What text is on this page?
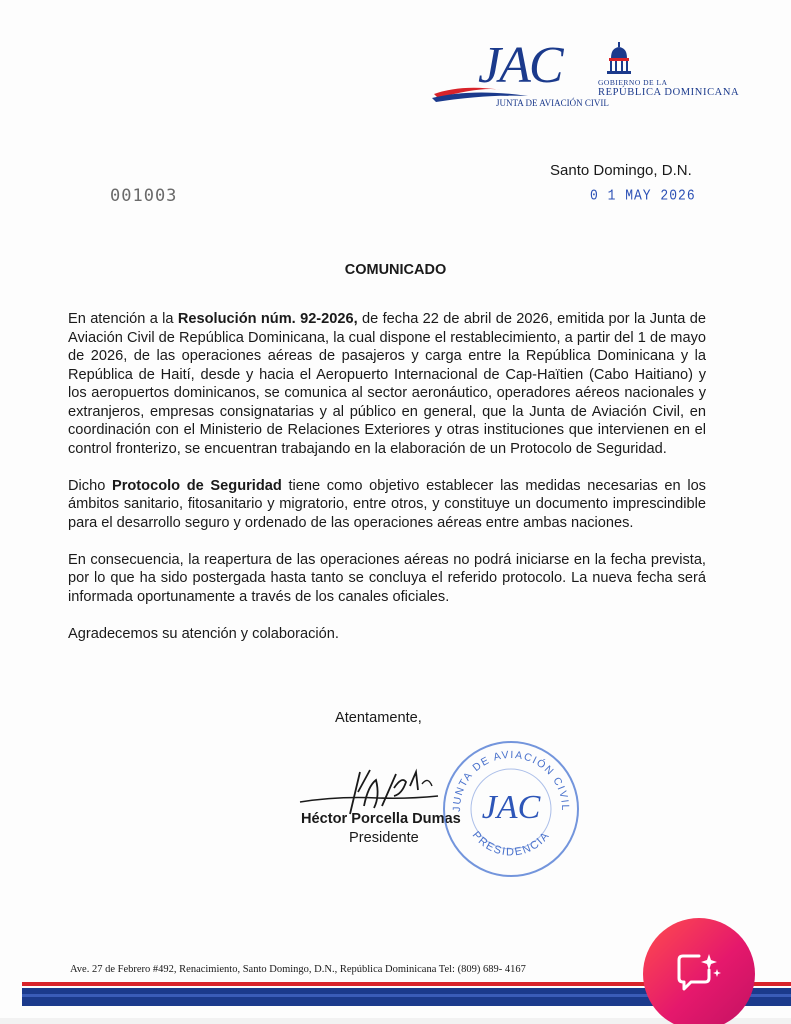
JAC
JUNTA DE AVIACIÓN CIVIL
GOBIERNO DE LA
REPÚBLICA DOMINICANA
001003
Santo Domingo, D.N.
0 1 MAY 2026
COMUNICADO

En atención a la Resolución núm. 92-2026, de fecha 22 de abril de 2026, emitida por la Junta de Aviación Civil de República Dominicana, la cual dispone el restablecimiento, a partir del 1 de mayo de 2026, de las operaciones aéreas de pasajeros y carga entre la República Dominicana y la República de Haití, desde y hacia el Aeropuerto Internacional de Cap-Haïtien (Cabo Haitiano) y los aeropuertos dominicanos, se comunica al sector aeronáutico, operadores aéreos nacionales y extranjeros, empresas consignatarias y al público en general, que la Junta de Aviación Civil, en coordinación con el Ministerio de Relaciones Exteriores y otras instituciones que intervienen en el control fronterizo, se encuentran trabajando en la elaboración de un Protocolo de Seguridad.

Dicho Protocolo de Seguridad tiene como objetivo establecer las medidas necesarias en los ámbitos sanitario, fitosanitario y migratorio, entre otros, y constituye un documento imprescindible para el desarrollo seguro y ordenado de las operaciones aéreas entre ambas naciones.

En consecuencia, la reapertura de las operaciones aéreas no podrá iniciarse en la fecha prevista, por lo que ha sido postergada hasta tanto se concluya el referido protocolo. La nueva fecha será informada oportunamente a través de los canales oficiales.

Agradecemos su atención y colaboración.

Atentamente,
Héctor Porcella Dumas
Presidente
JUNTA DE AVIACIÓN CIVIL
JAC
PRESIDENCIA
Ave. 27 de Febrero #492, Renacimiento, Santo Domingo, D.N., República Dominicana Tel: (809) 689- 4167
